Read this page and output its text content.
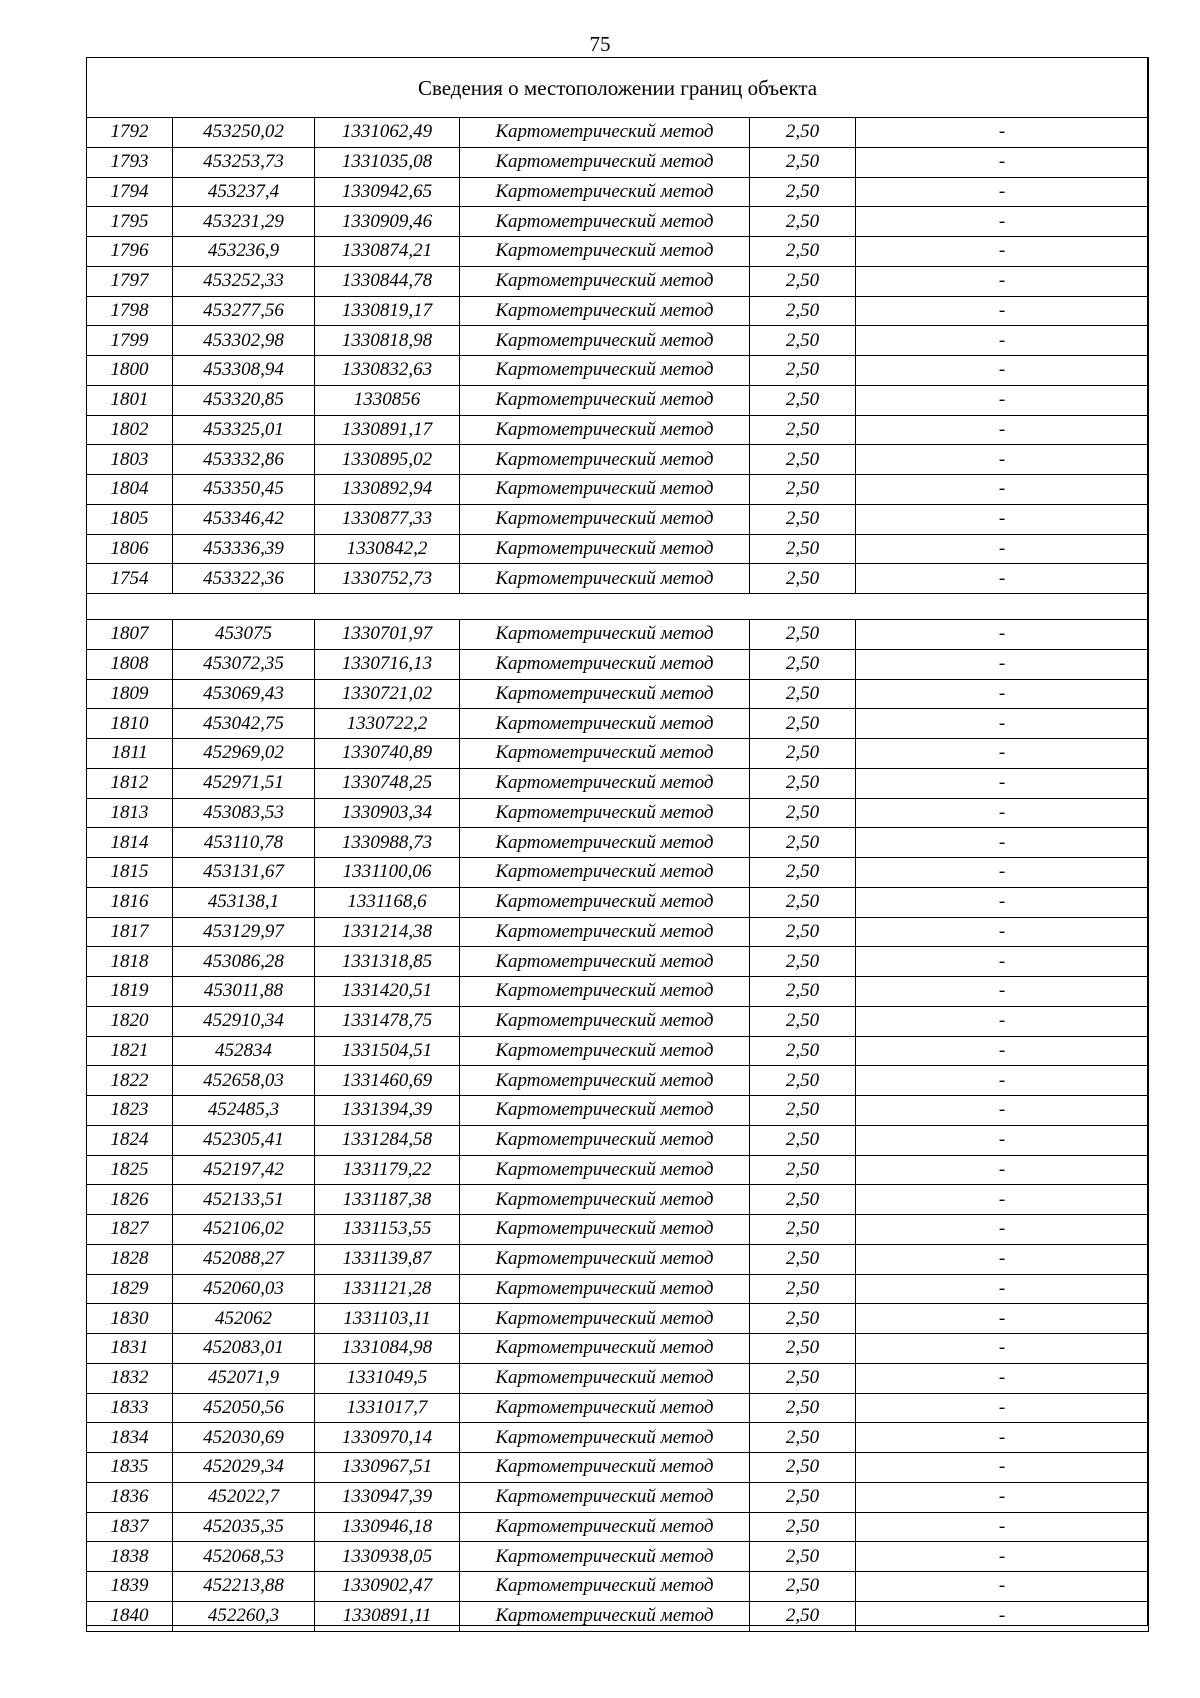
75
Сведения о местоположении границ объекта					
1792	453250,02	1331062,49	Картометрический метод	2,50	-
1793	453253,73	1331035,08	Картометрический метод	2,50	-
1794	453237,4	1330942,65	Картометрический метод	2,50	-
1795	453231,29	1330909,46	Картометрический метод	2,50	-
1796	453236,9	1330874,21	Картометрический метод	2,50	-
1797	453252,33	1330844,78	Картометрический метод	2,50	-
1798	453277,56	1330819,17	Картометрический метод	2,50	-
1799	453302,98	1330818,98	Картометрический метод	2,50	-
1800	453308,94	1330832,63	Картометрический метод	2,50	-
1801	453320,85	1330856	Картометрический метод	2,50	-
1802	453325,01	1330891,17	Картометрический метод	2,50	-
1803	453332,86	1330895,02	Картометрический метод	2,50	-
1804	453350,45	1330892,94	Картометрический метод	2,50	-
1805	453346,42	1330877,33	Картометрический метод	2,50	-
1806	453336,39	1330842,2	Картометрический метод	2,50	-
1754	453322,36	1330752,73	Картометрический метод	2,50	-

1807	453075	1330701,97	Картометрический метод	2,50	-
1808	453072,35	1330716,13	Картометрический метод	2,50	-
1809	453069,43	1330721,02	Картометрический метод	2,50	-
1810	453042,75	1330722,2	Картометрический метод	2,50	-
1811	452969,02	1330740,89	Картометрический метод	2,50	-
1812	452971,51	1330748,25	Картометрический метод	2,50	-
1813	453083,53	1330903,34	Картометрический метод	2,50	-
1814	453110,78	1330988,73	Картометрический метод	2,50	-
1815	453131,67	1331100,06	Картометрический метод	2,50	-
1816	453138,1	1331168,6	Картометрический метод	2,50	-
1817	453129,97	1331214,38	Картометрический метод	2,50	-
1818	453086,28	1331318,85	Картометрический метод	2,50	-
1819	453011,88	1331420,51	Картометрический метод	2,50	-
1820	452910,34	1331478,75	Картометрический метод	2,50	-
1821	452834	1331504,51	Картометрический метод	2,50	-
1822	452658,03	1331460,69	Картометрический метод	2,50	-
1823	452485,3	1331394,39	Картометрический метод	2,50	-
1824	452305,41	1331284,58	Картометрический метод	2,50	-
1825	452197,42	1331179,22	Картометрический метод	2,50	-
1826	452133,51	1331187,38	Картометрический метод	2,50	-
1827	452106,02	1331153,55	Картометрический метод	2,50	-
1828	452088,27	1331139,87	Картометрический метод	2,50	-
1829	452060,03	1331121,28	Картометрический метод	2,50	-
1830	452062	1331103,11	Картометрический метод	2,50	-
1831	452083,01	1331084,98	Картометрический метод	2,50	-
1832	452071,9	1331049,5	Картометрический метод	2,50	-
1833	452050,56	1331017,7	Картометрический метод	2,50	-
1834	452030,69	1330970,14	Картометрический метод	2,50	-
1835	452029,34	1330967,51	Картометрический метод	2,50	-
1836	452022,7	1330947,39	Картометрический метод	2,50	-
1837	452035,35	1330946,18	Картометрический метод	2,50	-
1838	452068,53	1330938,05	Картометрический метод	2,50	-
1839	452213,88	1330902,47	Картометрический метод	2,50	-
1840	452260,3	1330891,11	Картометрический метод	2,50	-
